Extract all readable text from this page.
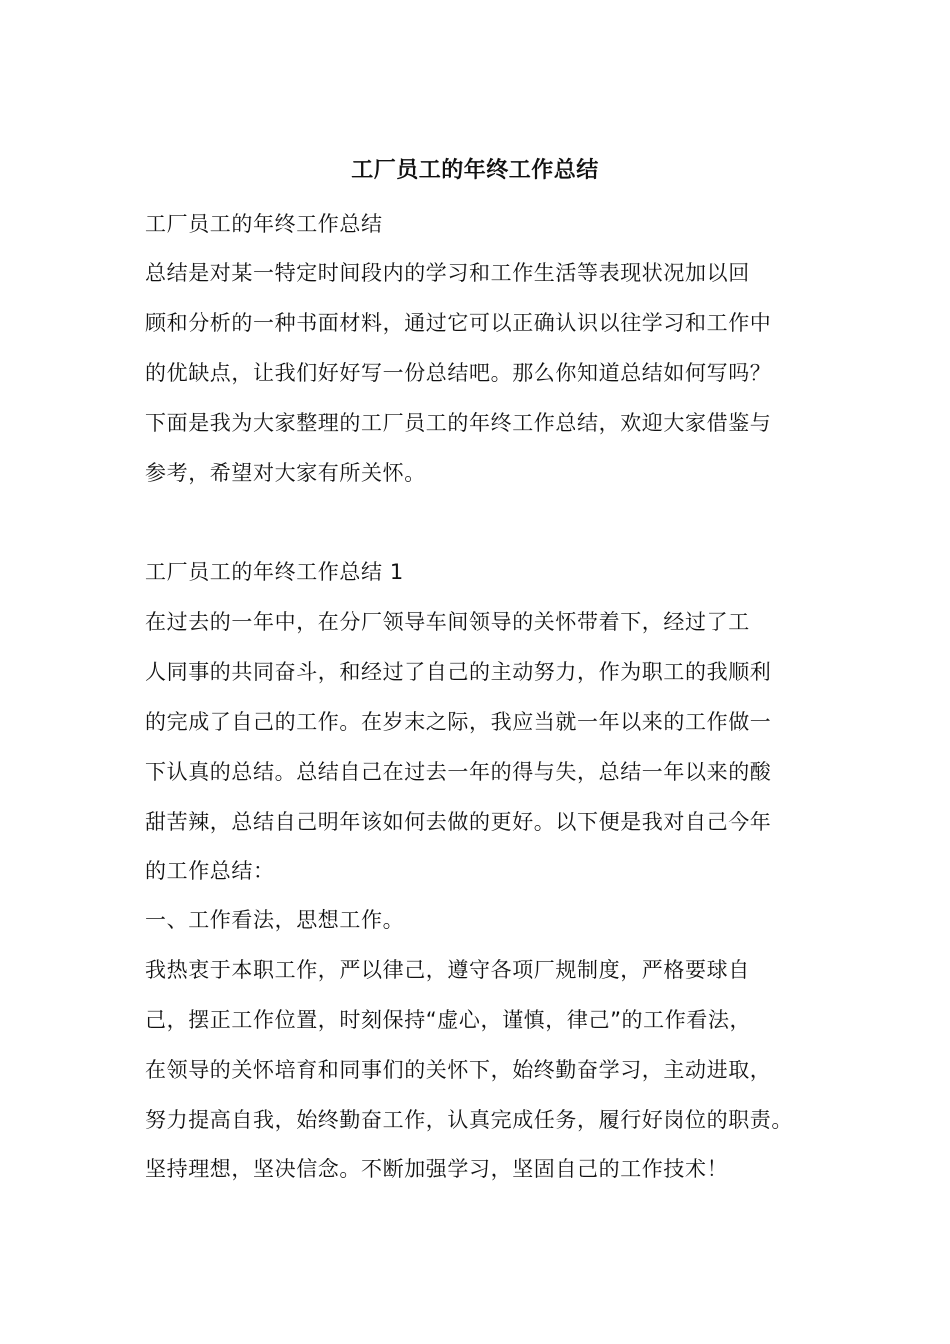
工厂员工的年终工作总结
工厂员工的年终工作总结
总结是对某一特定时间段内的学习和工作生活等表现状况加以回
顾和分析的一种书面材料，通过它可以正确认识以往学习和工作中
的优缺点，让我们好好写一份总结吧。那么你知道总结如何写吗？
下面是我为大家整理的工厂员工的年终工作总结，欢迎大家借鉴与
参考，希望对大家有所关怀。
工厂员工的年终工作总结 1
在过去的一年中，在分厂领导车间领导的关怀带着下，经过了工
人同事的共同奋斗，和经过了自己的主动努力，作为职工的我顺利
的完成了自己的工作。在岁末之际，我应当就一年以来的工作做一
下认真的总结。总结自己在过去一年的得与失，总结一年以来的酸
甜苦辣，总结自己明年该如何去做的更好。以下便是我对自己今年
的工作总结：
一、工作看法，思想工作。
我热衷于本职工作，严以律己，遵守各项厂规制度，严格要球自
己，摆正工作位置，时刻保持“虚心，谨慎，律己”的工作看法，
在领导的关怀培育和同事们的关怀下，始终勤奋学习，主动进取，
努力提高自我，始终勤奋工作，认真完成任务，履行好岗位的职责。
坚持理想，坚决信念。不断加强学习，坚固自己的工作技术！
